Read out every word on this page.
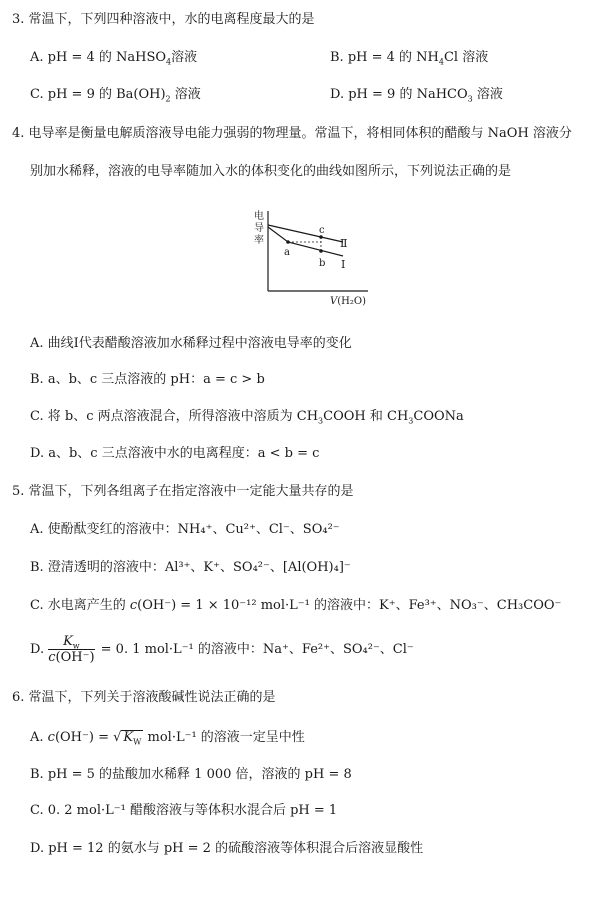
3. 常温下，下列四种溶液中，水的电离程度最大的是
A. pH = 4 的 NaHSO$_4$溶液	B. pH = 4 的 $NH_4Cl$ 溶液
C. pH = 9 的 $Ba(OH)_2$ 溶液	D. pH = 9 的 NaHCO$_3$ 溶液
4. 电导率是衡量电解质溶液导电能力强弱的物理量。常温下，将相同体积的醋酸与 NaOH 溶液分
别加水稀释，溶液的电导率随加入水的体积变化的曲线如图所示，下列说法正确的是
电
导
率
a
c
b
Ⅱ
Ⅰ
V(H₂O)
A. 曲线Ⅰ代表醋酸溶液加水稀释过程中溶液电导率的变化
B. a、b、c 三点溶液的 pH：a = c > b
C. 将 b、c 两点溶液混合，所得溶液中溶质为 $CH_3COOH$ 和 $CH_3COONa$
D. a、b、c 三点溶液中水的电离程度：a < b = c
5. 常温下，下列各组离子在指定溶液中一定能大量共存的是
A. 使酚酞变红的溶液中：NH₄⁺、Cu²⁺、Cl⁻、SO₄²⁻
B. 澄清透明的溶液中：Al³⁺、K⁺、SO₄²⁻、[Al(OH)₄]⁻
C. 水电离产生的 c(OH⁻) = 1 × 10⁻¹² mol·L⁻¹ 的溶液中：K⁺、Fe³⁺、NO₃⁻、CH₃COO⁻
D. $\frac{K_w}{c(OH^-)} = 0$. 1 mol·L⁻¹ 的溶液中：Na⁺、Fe²⁺、SO₄²⁻、Cl⁻
6. 常温下，下列关于溶液酸碱性说法正确的是
A. c(OH⁻) = √ $K_W$ mol·L⁻¹ 的溶液一定呈中性
B. pH = 5 的盐酸加水稀释 1 000 倍，溶液的 pH = 8
C. 0. 2 mol·L⁻¹ 醋酸溶液与等体积水混合后 pH = 1
D. pH = 12 的氨水与 pH = 2 的硫酸溶液等体积混合后溶液显酸性
